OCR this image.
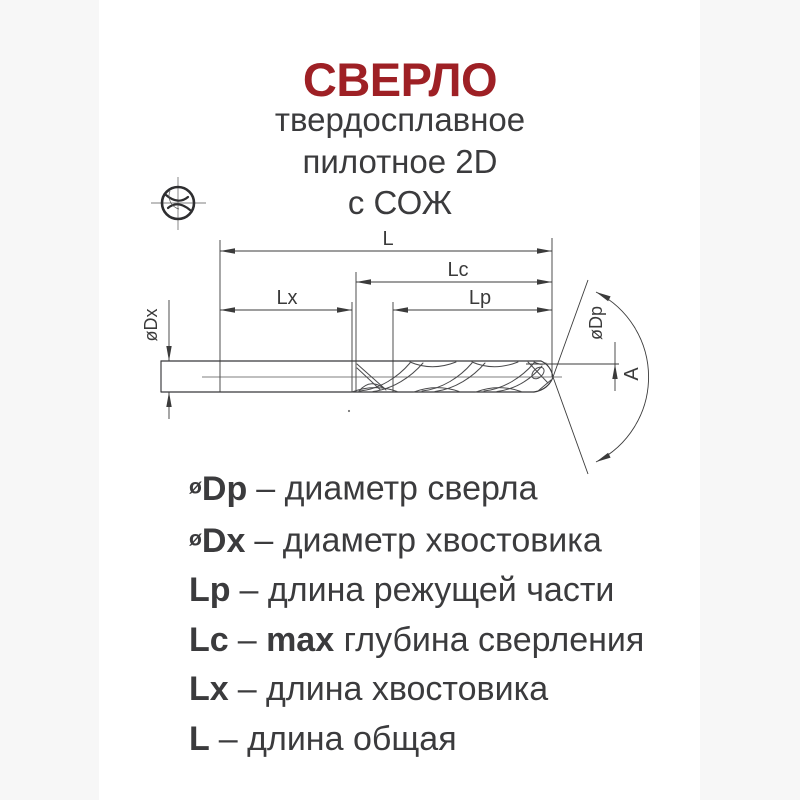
СВЕРЛО
твердосплавное
пилотное 2D
с СОЖ
L
Lc
Lx	Lp
øDx	øDp
A
øDp – диаметр сверла
øDx – диаметр хвостовика
Lp – длина режущей части
Lc – max глубина сверления
Lx – длина хвостовика
L – длина общая
